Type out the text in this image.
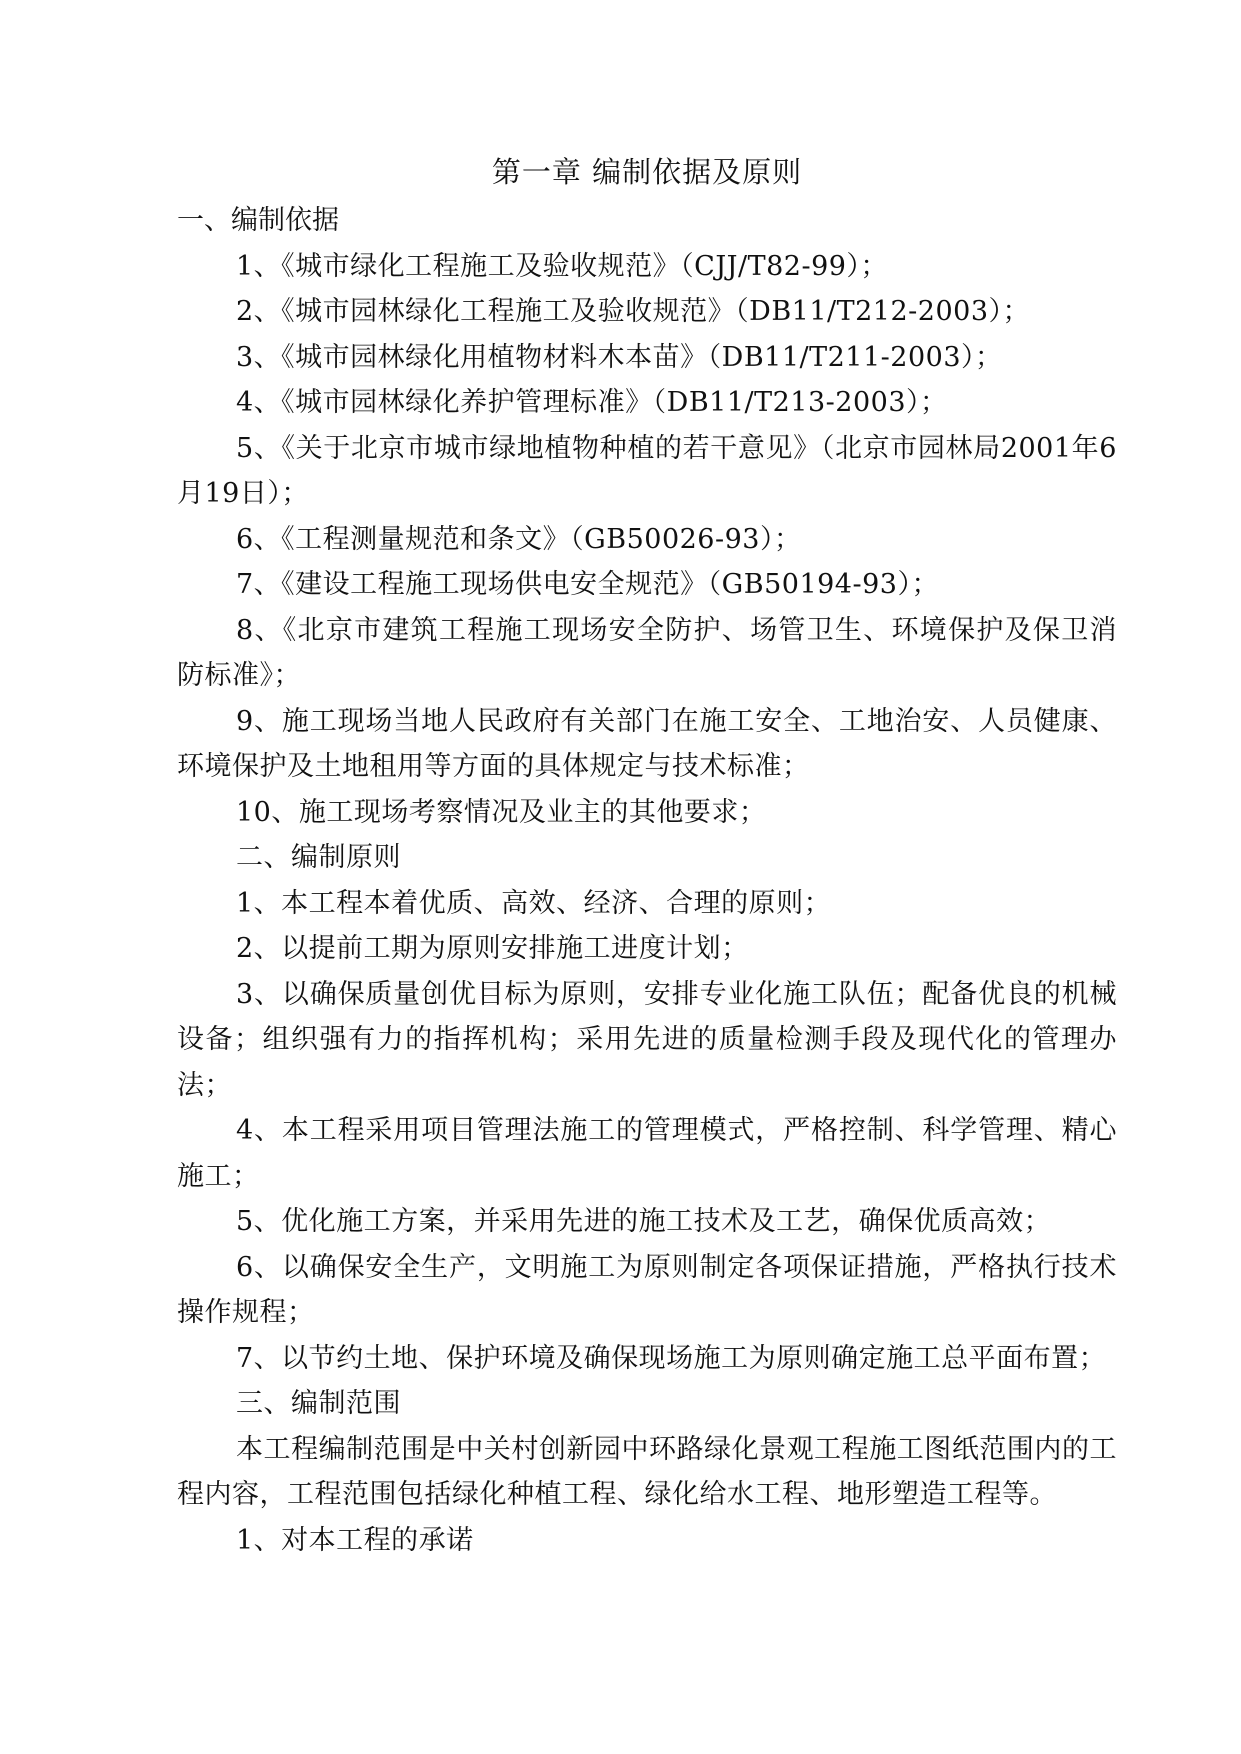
第一章 编制依据及原则

一、编制依据

1、《城市绿化工程施工及验收规范》（CJJ/T82-99）；

2、《城市园林绿化工程施工及验收规范》（DB11/T212-2003）；

3、《城市园林绿化用植物材料木本苗》（DB11/T211-2003）；

4、《城市园林绿化养护管理标准》（DB11/T213-2003）；

5、《关于北京市城市绿地植物种植的若干意见》（北京市园林局2001年6月19日）；

6、《工程测量规范和条文》（GB50026-93）；

7、《建设工程施工现场供电安全规范》（GB50194-93）；

8、《北京市建筑工程施工现场安全防护、场管卫生、环境保护及保卫消防标准》；

9、施工现场当地人民政府有关部门在施工安全、工地治安、人员健康、环境保护及土地租用等方面的具体规定与技术标准；

10、施工现场考察情况及业主的其他要求；

二、编制原则

1、本工程本着优质、高效、经济、合理的原则；

2、以提前工期为原则安排施工进度计划；

3、以确保质量创优目标为原则，安排专业化施工队伍；配备优良的机械设备；组织强有力的指挥机构；采用先进的质量检测手段及现代化的管理办法；

4、本工程采用项目管理法施工的管理模式，严格控制、科学管理、精心施工；

5、优化施工方案，并采用先进的施工技术及工艺，确保优质高效；

6、以确保安全生产，文明施工为原则制定各项保证措施，严格执行技术操作规程；

7、以节约土地、保护环境及确保现场施工为原则确定施工总平面布置；

三、编制范围

本工程编制范围是中关村创新园中环路绿化景观工程施工图纸范围内的工程内容，工程范围包括绿化种植工程、绿化给水工程、地形塑造工程等。

1、对本工程的承诺
